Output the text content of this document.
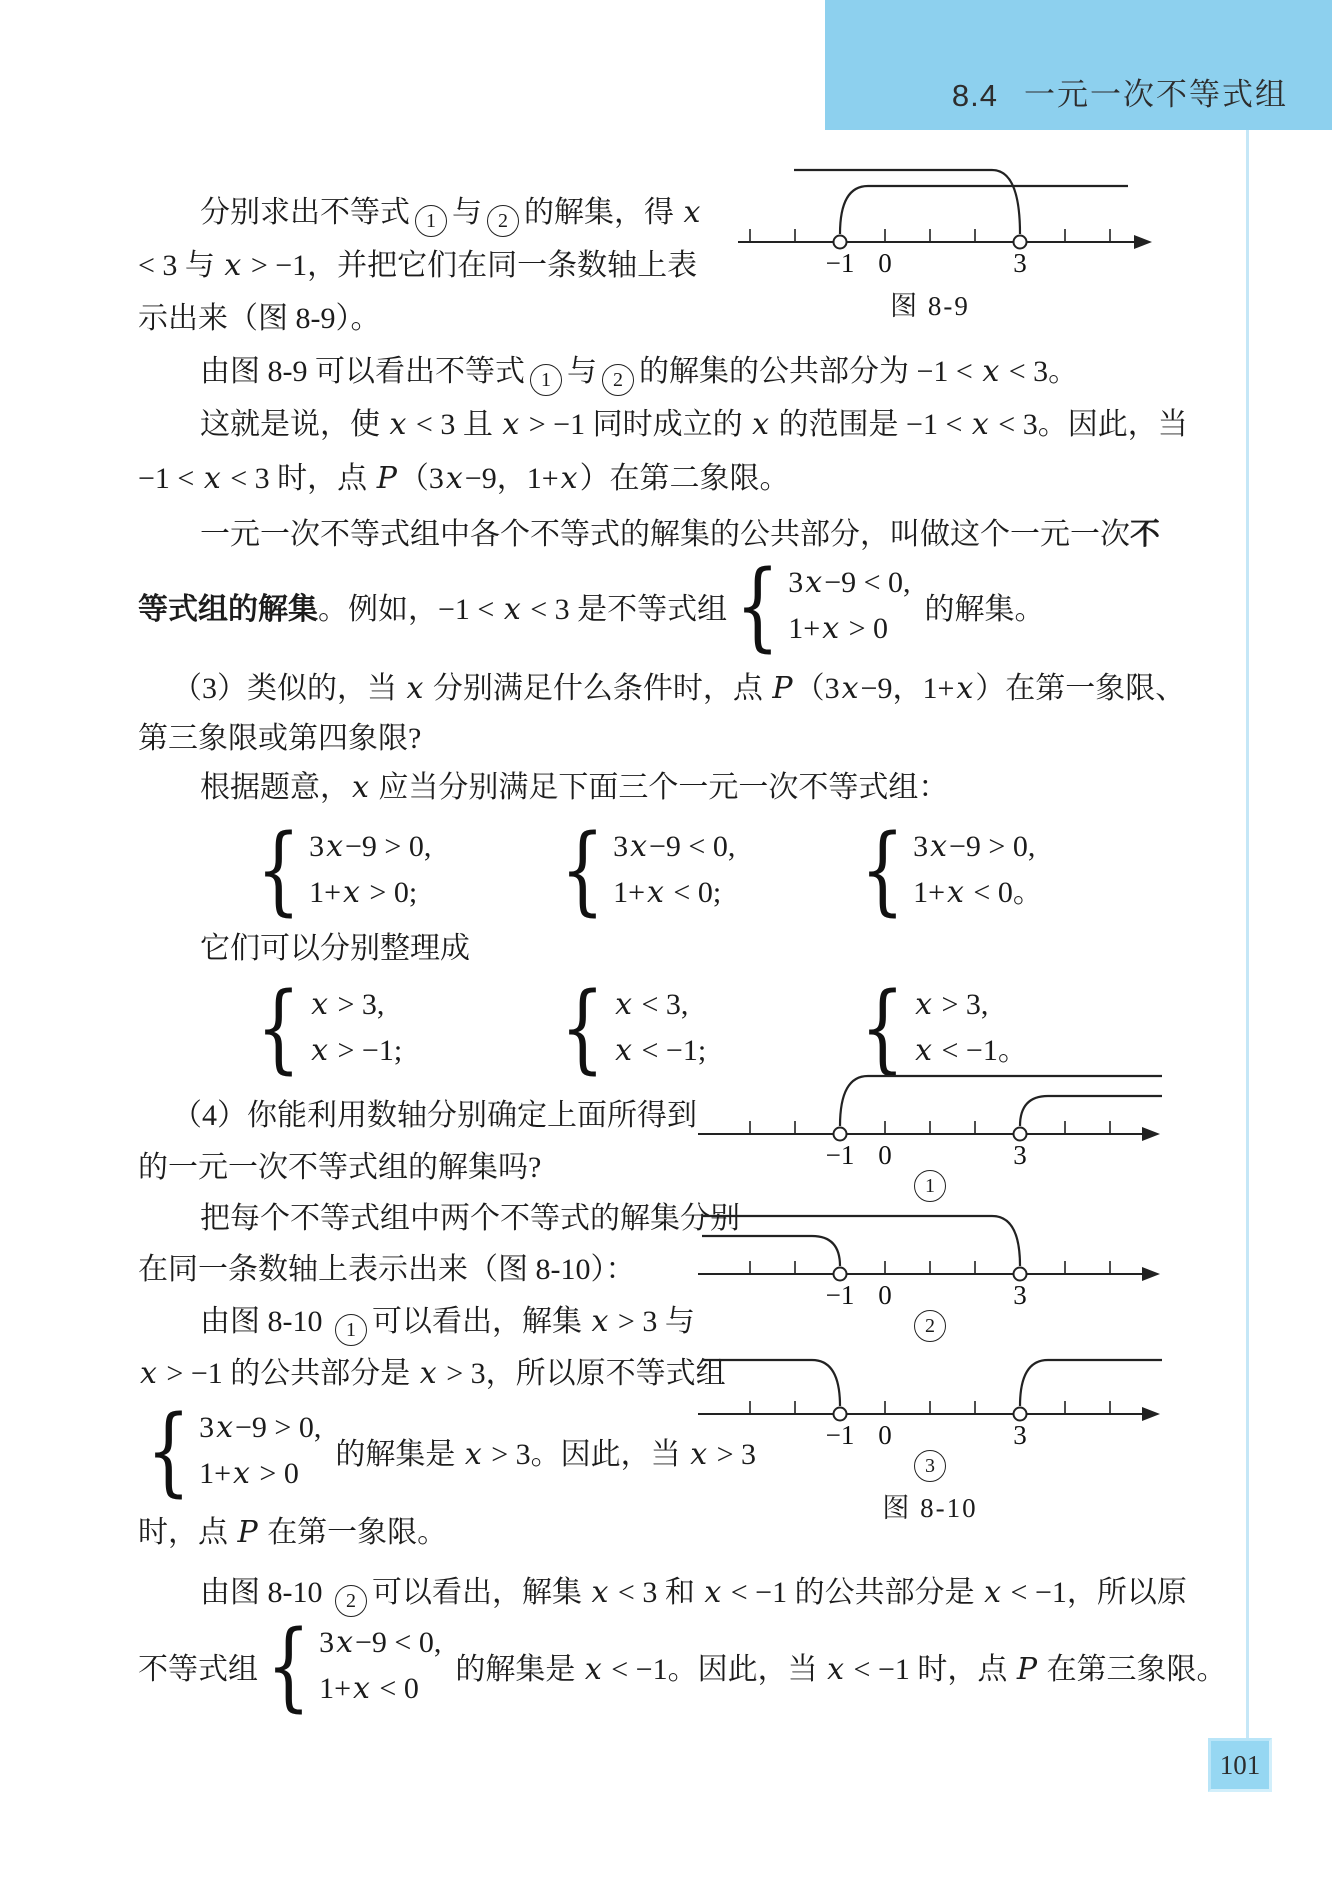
8.4 一元一次不等式组
101
分别求出不等式 1 与 2 的解集，得 x
< 3 与 x > −1，并把它们在同一条数轴上表
示出来（图 8-9）。
由图 8-9 可以看出不等式 1 与 2 的解集的公共部分为 −1 < x < 3。
这就是说，使 x < 3 且 x > −1 同时成立的 x 的范围是 −1 < x < 3。因此，当
−1 < x < 3 时，点 P（3x−9，1+x）在第二象限。
一元一次不等式组中各个不等式的解集的公共部分，叫做这个一元一次不
等式组的解集。例如，−1 < x < 3 是不等式组 { 3x−9 < 0,
1+x > 0
的解集。
（3）类似的，当 x 分别满足什么条件时，点 P（3x−9，1+x）在第一象限、
第三象限或第四象限?
根据题意，x 应当分别满足下面三个一元一次不等式组：
{ 3x−9 > 0,
1+x > 0; { 3x−9 < 0,
1+x < 0; { 3x−9 > 0,
1+x < 0。
它们可以分别整理成
{ x > 3,
x > −1; { x < 3,
x < −1; { x > 3,
x < −1。
（4）你能利用数轴分别确定上面所得到
的一元一次不等式组的解集吗?
把每个不等式组中两个不等式的解集分别
在同一条数轴上表示出来（图 8-10）：
由图 8-10 1 可以看出，解集 x > 3 与
x > −1 的公共部分是 x > 3，所以原不等式组
{ 3x−9 > 0,
1+x > 0
的解集是 x > 3。因此，当 x > 3
时，点 P 在第一象限。
由图 8-10 2 可以看出，解集 x < 3 和 x < −1 的公共部分是 x < −1，所以原
不等式组 { 3x−9 < 0,
1+x < 0
的解集是 x < −1。因此，当 x < −1 时，点 P 在第三象限。
−1 0	3
图 8-9
−1 0	3
1
−1 0	3
2
−1 0	3
3
图 8-10
